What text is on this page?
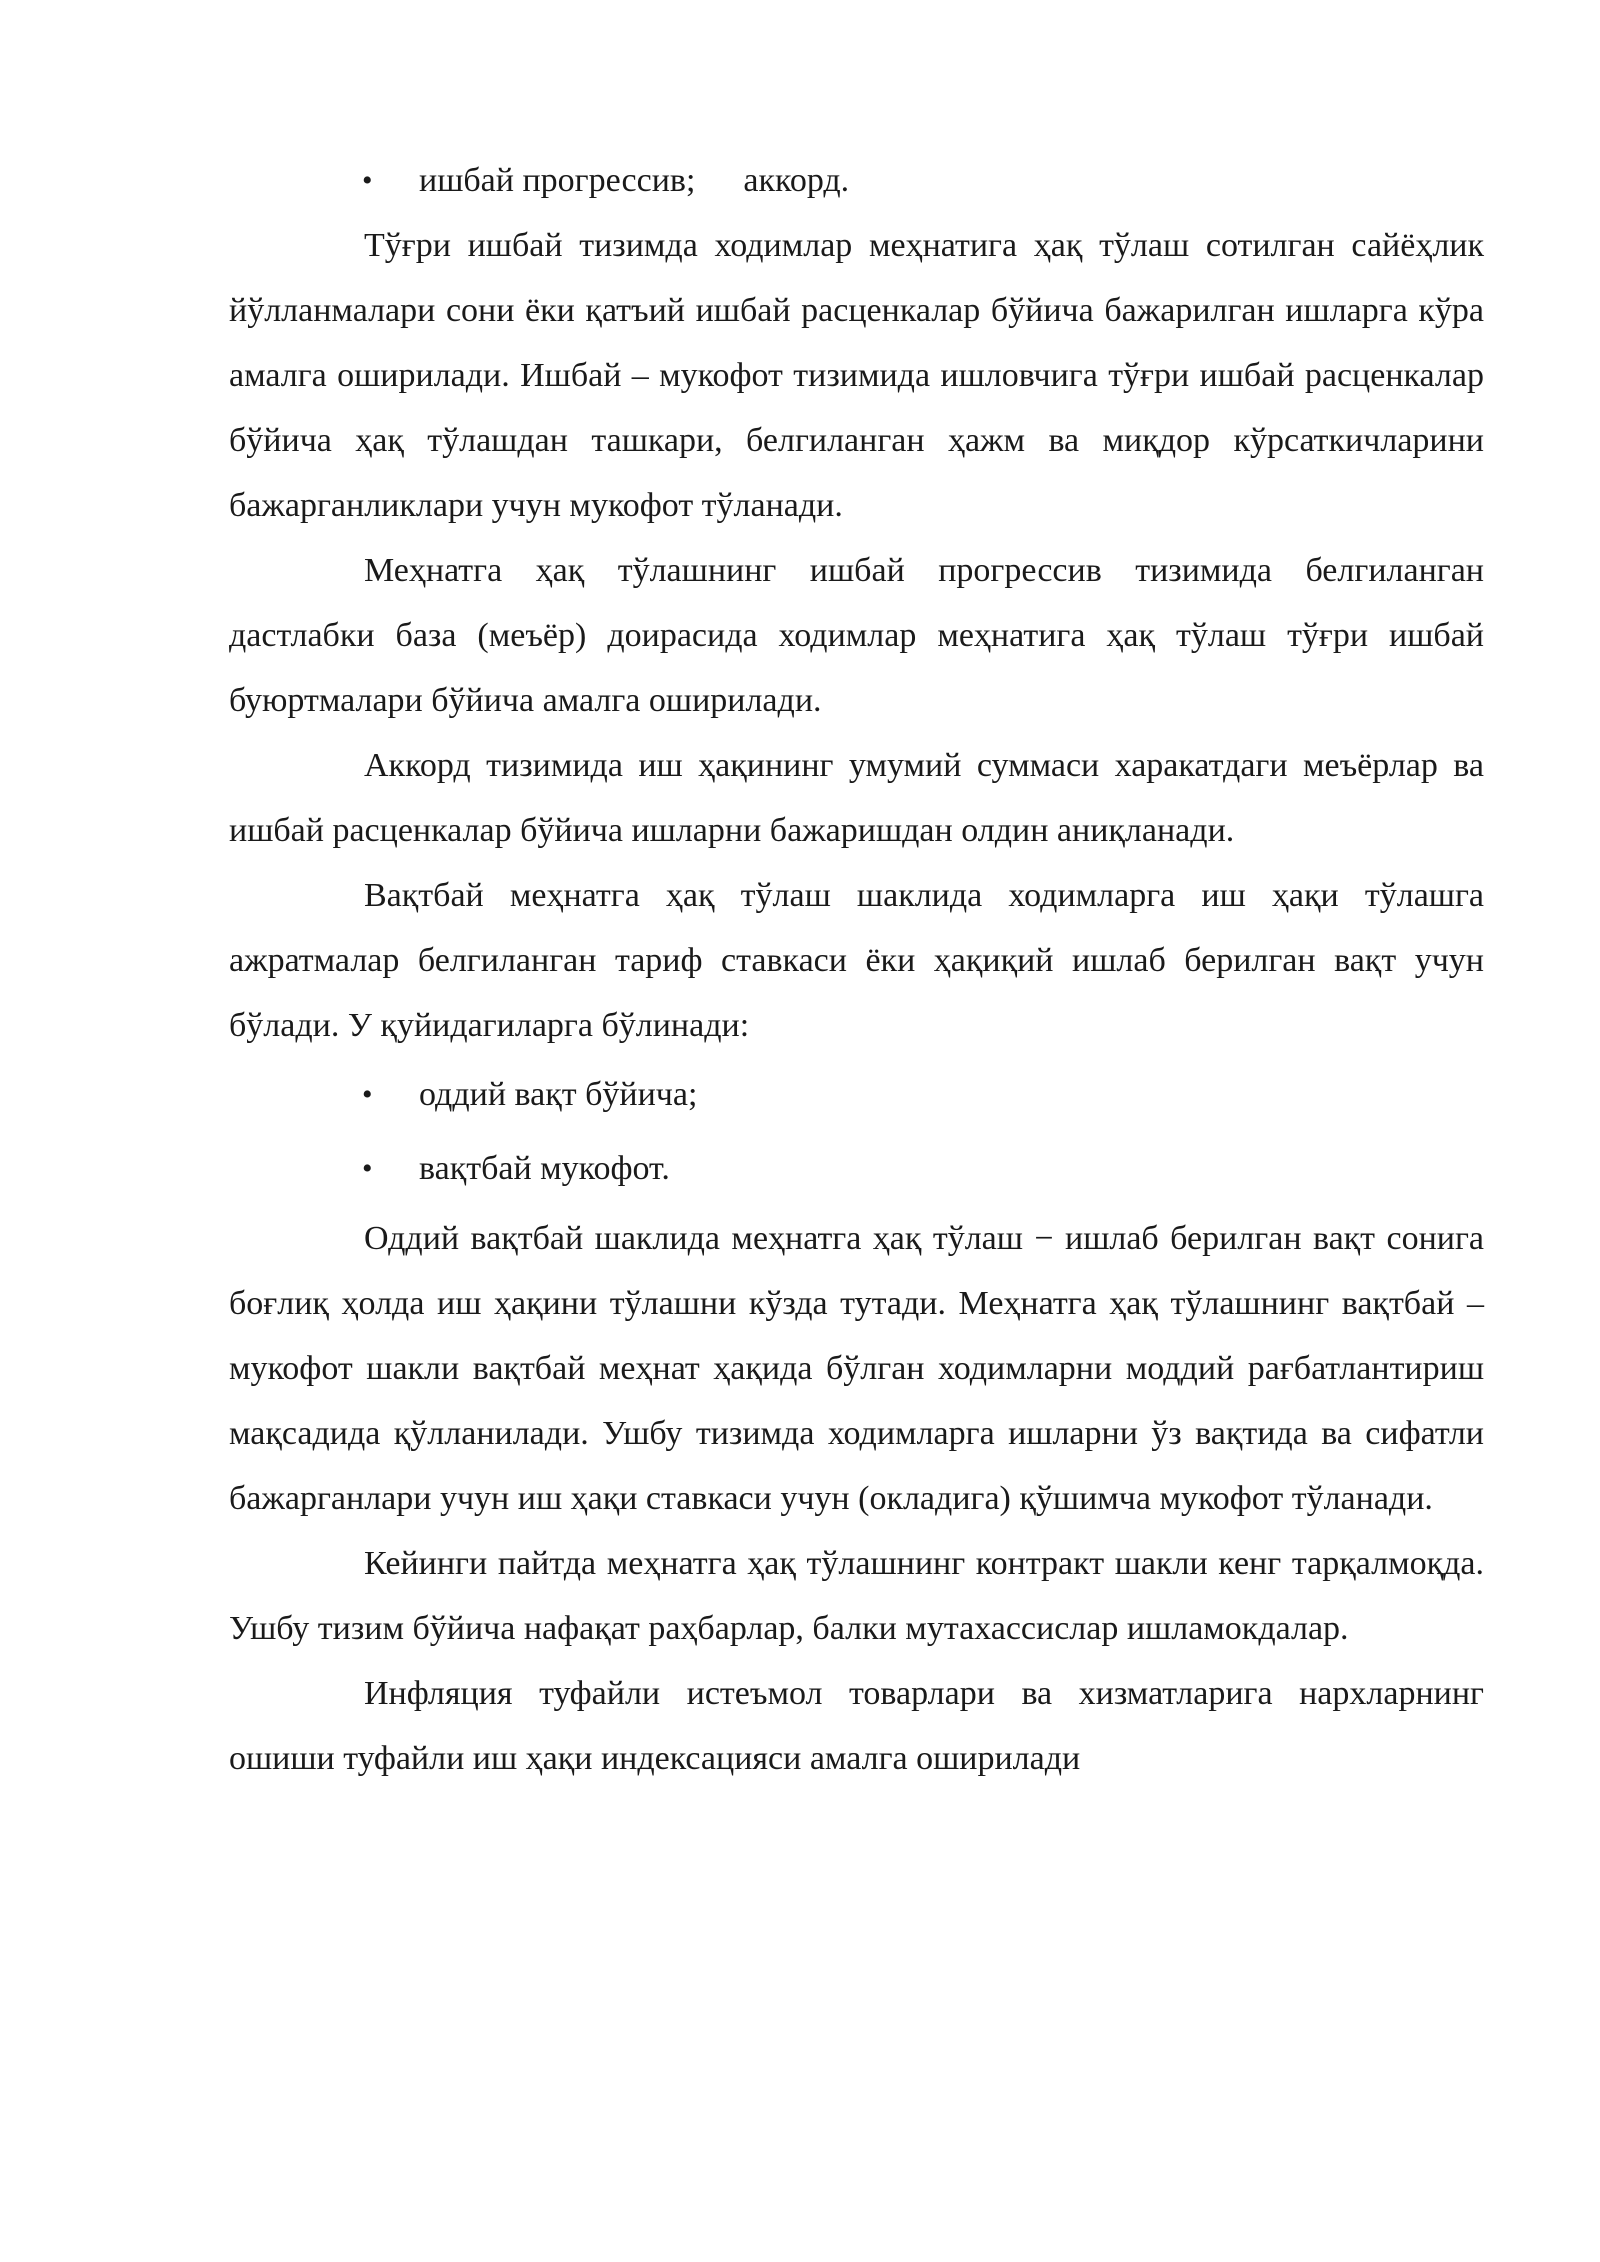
• ишбай прогрессив; аккорд.

Тўғри ишбай тизимда ходимлар меҳнатига ҳақ тўлаш сотилган сайёҳлик йўлланмалари сони ёки қатъий ишбай расценкалар бўйича бажарилган ишларга кўра амалга оширилади. Ишбай – мукофот тизимида ишловчига тўғри ишбай расценкалар бўйича ҳақ тўлашдан ташкари, белгиланган ҳажм ва миқдор кўрсаткичларини бажарганликлари учун мукофот тўланади.

Меҳнатга ҳақ тўлашнинг ишбай прогрессив тизимида белгиланган дастлабки база (меъёр) доирасида ходимлар меҳнатига ҳақ тўлаш тўғри ишбай буюртмалари бўйича амалга оширилади.

Аккорд тизимида иш ҳақининг умумий суммаси харакатдаги меъёрлар ва ишбай расценкалар бўйича ишларни бажаришдан олдин аниқланади.

Вақтбай меҳнатга ҳақ тўлаш шаклида ходимларга иш ҳақи тўлашга ажратмалар белгиланган тариф ставкаси ёки ҳақиқий ишлаб берилган вақт учун бўлади. У қуйидагиларга бўлинади:

• оддий вақт бўйича;
• вақтбай мукофот.

Оддий вақтбай шаклида меҳнатга ҳақ тўлаш − ишлаб берилган вақт сонига боғлиқ ҳолда иш ҳақини тўлашни кўзда тутади. Меҳнатга ҳақ тўлашнинг вақтбай – мукофот шакли вақтбай меҳнат ҳақида бўлган ходимларни моддий рағбатлантириш мақсадида қўлланилади. Ушбу тизимда ходимларга ишларни ўз вақтида ва сифатли бажарганлари учун иш ҳақи ставкаси учун (окладига) қўшимча мукофот тўланади.

Кейинги пайтда меҳнатга ҳақ тўлашнинг контракт шакли кенг тарқалмоқда. Ушбу тизим бўйича нафақат раҳбарлар, балки мутахассислар ишламокдалар.

Инфляция туфайли истеъмол товарлари ва хизматларига нархларнинг ошиши туфайли иш ҳақи индексацияси амалга оширилади
